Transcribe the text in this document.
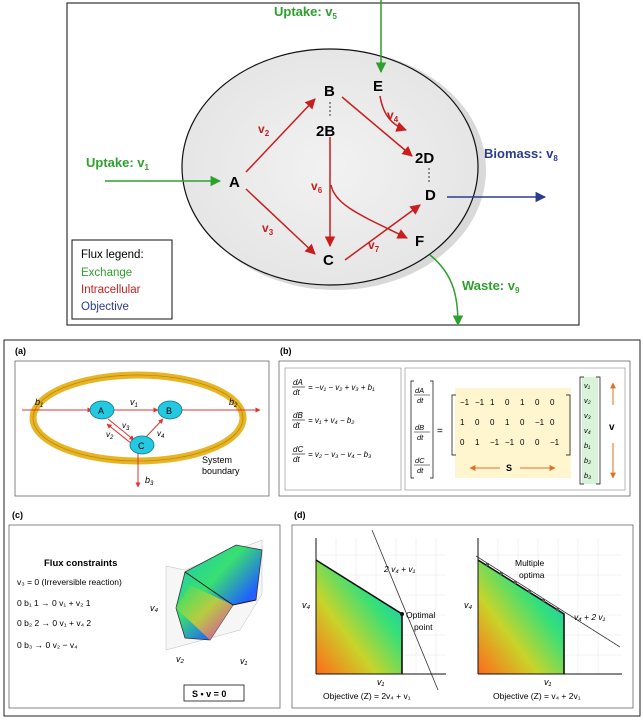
A
B
2B
E
2D
D
C
F
$v_2$
$v_3$
$v_4$
$v_6$
$v_7$
Uptake: $v_1$
Uptake: $v_5$
Biomass: $v_8$
Waste: $v_9$
Flux legend:
Exchange
Intracellular
Objective
(a)
A	B
C
$b_1$	$v_1$	$b_2$
$v_2$
$v_3$	$v_4$
$b_3$
System
boundary
(b)
dA
dt
= −v₁ − v₂ + v₃ + b₁
dB
dt
= v₁ + v₄ − b₂
dC
dt
= v₂ − v₃ − v₄ − b₃
dA
dt
dB
dt
dC
dt
=
−1 −1 1 0 1 0 0
1 0 0 1 0 −1 0
0 1 −1 −1 0 0 −1
S
v₁
v₂
v₃
v₄
b₁
b₂
b₃
v
(c)
Flux constraints
v₃ = 0 (Irreversible reaction)
0 b₁ 1 → 0 v₁ + v₂ 1
0 b₂ 2 → 0 v₁ + v₄ 2
0 b₃ → 0 v₂ − v₄
v₄
v₂	v₁
S • v = 0
(d)
2 v₄ + v₁
Optimal
point
v₄
v₁
Objective (Z) = 2v₄ + v₁
Multiple
optima
v₄ + 2 v₁
v₄
v₁
Objective (Z) = v₄ + 2v₁
